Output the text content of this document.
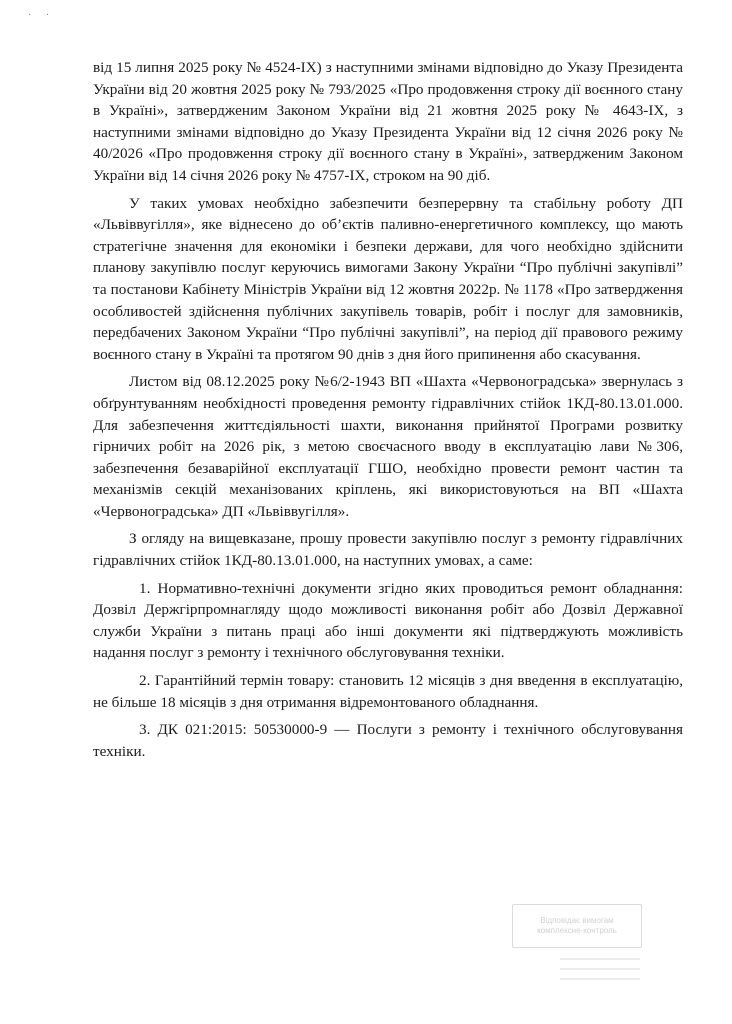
· ·

від 15 липня 2025 року № 4524-IX) з наступними змінами відповідно до Указу Президента України від 20 жовтня 2025 року № 793/2025 «Про продовження строку дії воєнного стану в Україні», затвердженим Законом України від 21 жовтня 2025 року № 4643-IX, з наступними змінами відповідно до Указу Президента України від 12 січня 2026 року № 40/2026 «Про продовження строку дії воєнного стану в Україні», затвердженим Законом України від 14 січня 2026 року № 4757-IX, строком на 90 діб.

У таких умовах необхідно забезпечити безперервну та стабільну роботу ДП «Львіввугілля», яке віднесено до об’єктів паливно-енергетичного комплексу, що мають стратегічне значення для економіки і безпеки держави, для чого необхідно здійснити планову закупівлю послуг керуючись вимогами Закону України “Про публічні закупівлі” та постанови Кабінету Міністрів України від 12 жовтня 2022р. № 1178 «Про затвердження особливостей здійснення публічних закупівель товарів, робіт і послуг для замовників, передбачених Законом України “Про публічні закупівлі”, на період дії правового режиму воєнного стану в Україні та протягом 90 днів з дня його припинення або скасування.

Листом від 08.12.2025 року №6/2-1943 ВП «Шахта «Червоноградська» звернулась з обґрунтуванням необхідності проведення ремонту гідравлічних стійок 1КД-80.13.01.000. Для забезпечення життєдіяльності шахти, виконання прийнятої Програми розвитку гірничих робіт на 2026 рік, з метою своєчасного вводу в експлуатацію лави №306, забезпечення безаварійної експлуатації ГШО, необхідно провести ремонт частин та механізмів секцій механізованих кріплень, які використовуються на ВП «Шахта «Червоноградська» ДП «Львіввугілля».

З огляду на вищевказане, прошу провести закупівлю послуг з ремонту гідравлічних гідравлічних стійок 1КД-80.13.01.000, на наступних умовах, а саме:

1. Нормативно-технічні документи згідно яких проводиться ремонт обладнання: Дозвіл Держгірпромнагляду щодо можливості виконання робіт або Дозвіл Державної служби України з питань праці або інші документи які підтверджують можливість надання послуг з ремонту і технічного обслуговування техніки.

2. Гарантійний термін товару: становить 12 місяців з дня введення в експлуатацію, не більше 18 місяців з дня отримання відремонтованого обладнання.

3. ДК 021:2015: 50530000-9 — Послуги з ремонту і технічного обслуговування техніки.

Відповідає вимогам
комплексне-контроль
